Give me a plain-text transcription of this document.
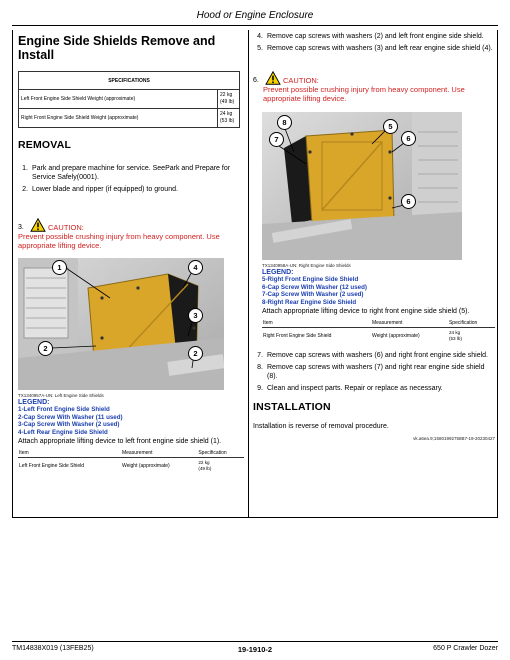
Hood or Engine Enclosure
Engine Side Shields Remove and Install
SPECIFICATIONS	
Left Front Engine Side Shield Weight (approximate)	22 kg
(49 lb)

Right Front Engine Side Shield Weight (approximate)	24 kg
(53 lb)
REMOVAL
1. Park and prepare machine for service. SeePark and Prepare for Service Safely(0001).
2. Lower blade and ripper (if equipped) to ground.
3.	CAUTION:
Prevent possible crushing injury from heavy component. Use appropriate lifting device.
1
2
3
4
2
TX1340957A-UN: Left Engine Side Shields
LEGEND:
1-Left Front Engine Side Shield
2-Cap Screw With Washer (11 used)
3-Cap Screw With Washer (2 used)
4-Left Rear Engine Side Shield
Attach appropriate lifting device to left front engine side shield (1).
Item	Measurement	Specification
Left Front Engine Side Shield	Weight (approximate)	22 kg
(49 lb)
4. Remove cap screws with washers (2) and left front engine side shield.
5. Remove cap screws with washers (3) and left rear engine side shield (4).
6.	CAUTION:
Prevent possible crushing injury from heavy component. Use appropriate lifting device.
8
7
5
6
6
TX1340958A-UN: Right Engine Side Shields
LEGEND:
5-Right Front Engine Side Shield
6-Cap Screw With Washer (12 used)
7-Cap Screw With Washer (2 used)
8-Right Rear Engine Side Shield
Attach appropriate lifting device to right front engine side shield (5).
Item	Measurement	Specification
Right Front Engine Side Shield	Weight (approximate)	24 kg
(53 lb)
7. Remove cap screws with washers (6) and right front engine side shield.
8. Remove cap screws with washers (7) and right rear engine side shield (8).
9. Clean and inspect parts. Repair or replace as necessary.
INSTALLATION
Installation is reverse of removal procedure.
vk.a6ea.9;15801992758B7-19-20230427
TM14838X019 (13FEB25)	19-1910-2	650 P Crawler Dozer
